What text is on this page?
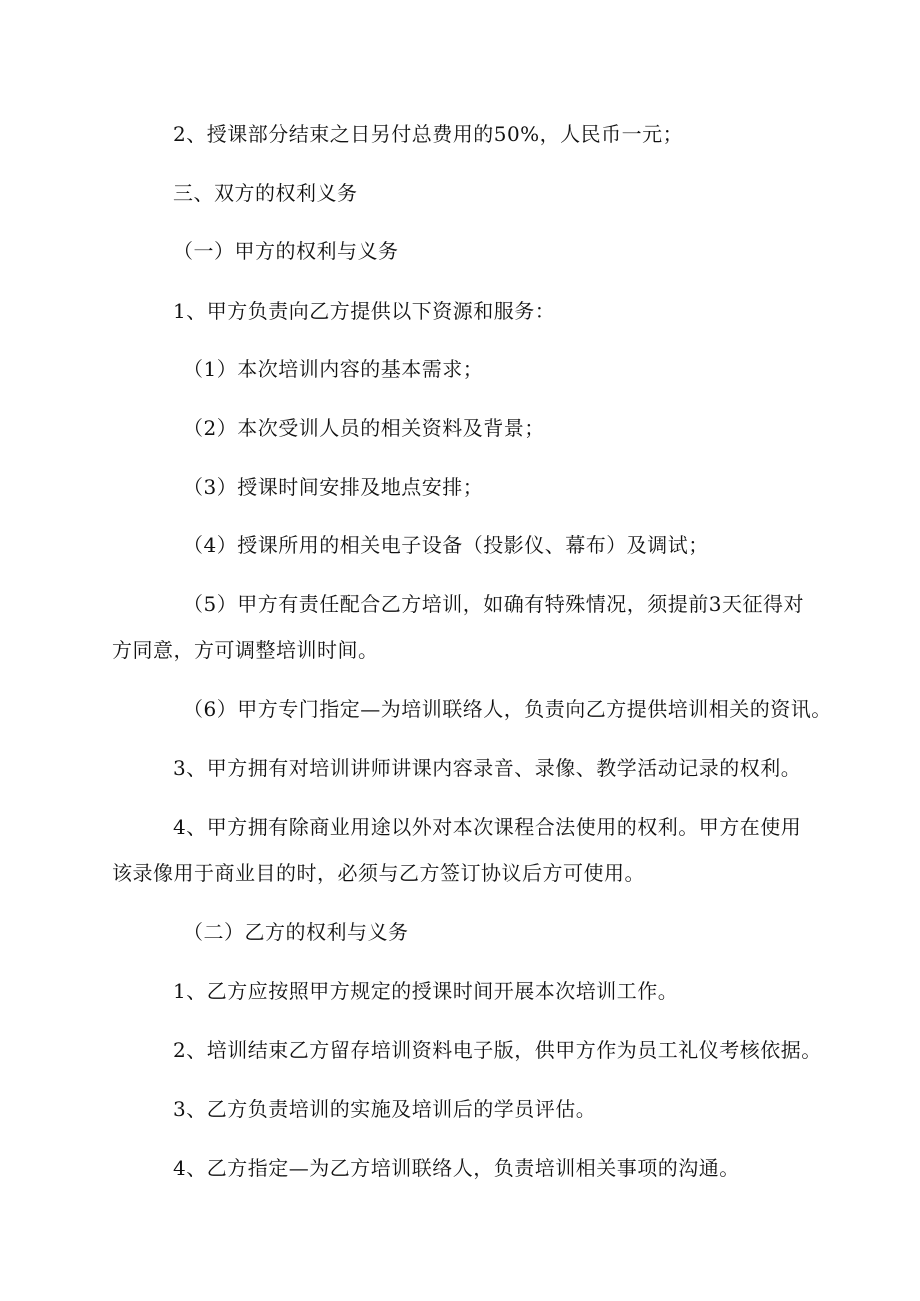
2、授课部分结束之日另付总费用的50%，人民币一元；
三、双方的权利义务
（一）甲方的权利与义务
1、甲方负责向乙方提供以下资源和服务：
（1）本次培训内容的基本需求；
（2）本次受训人员的相关资料及背景；
（3）授课时间安排及地点安排；
（4）授课所用的相关电子设备（投影仪、幕布）及调试；
（5）甲方有责任配合乙方培训，如确有特殊情况，须提前3天征得对
方同意，方可调整培训时间。
（6）甲方专门指定—为培训联络人，负责向乙方提供培训相关的资讯。
3、甲方拥有对培训讲师讲课内容录音、录像、教学活动记录的权利。
4、甲方拥有除商业用途以外对本次课程合法使用的权利。甲方在使用
该录像用于商业目的时，必须与乙方签订协议后方可使用。
（二）乙方的权利与义务
1、乙方应按照甲方规定的授课时间开展本次培训工作。
2、培训结束乙方留存培训资料电子版，供甲方作为员工礼仪考核依据。
3、乙方负责培训的实施及培训后的学员评估。
4、乙方指定—为乙方培训联络人，负责培训相关事项的沟通。
